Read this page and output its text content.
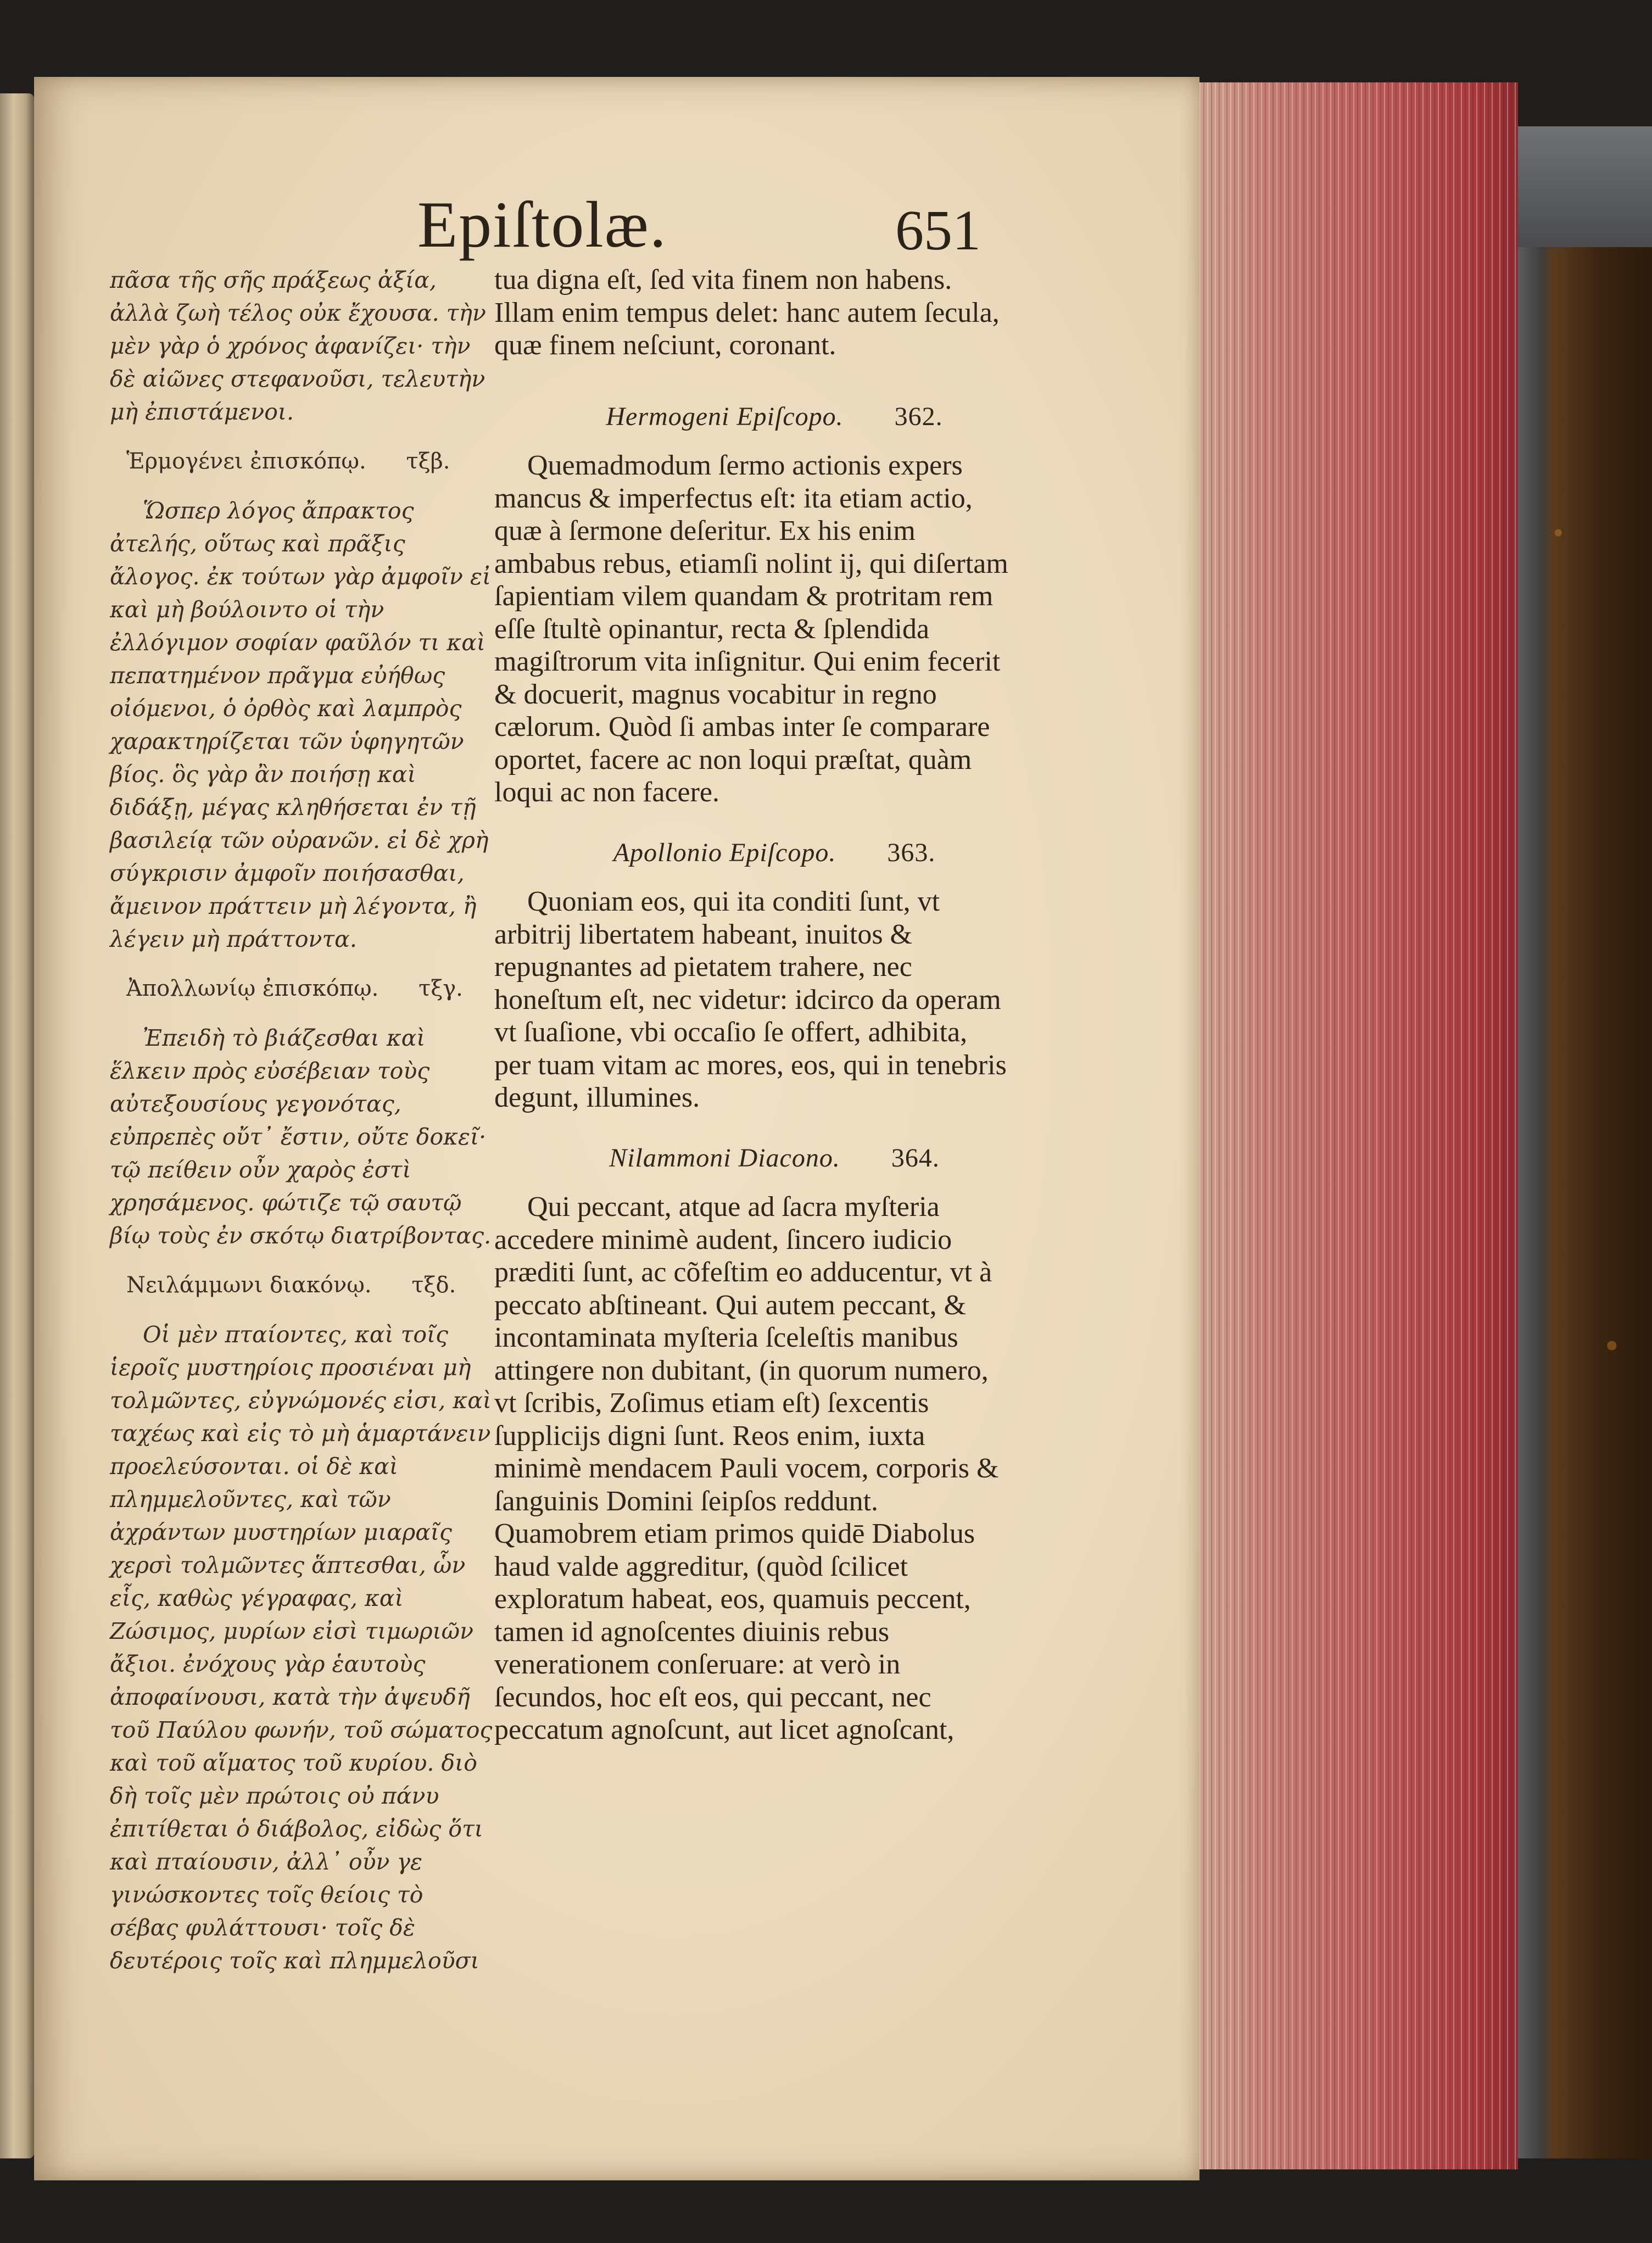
Epiſtolæ.	651

πᾶσα τῆς σῆς πράξεως ἀξία, ἀλλὰ ζωὴ τέλος οὐκ ἔχουσα. τὴν μὲν γὰρ ὁ χρόνος ἀφανίζει· τὴν δὲ αἰῶνες στεφανοῦσι, τελευτὴν μὴ ἐπιστάμενοι.

Ἑρμογένει ἐπισκόπῳ. τξβ.

Ὥσπερ λόγος ἄπρακτος ἀτελής, οὕτως καὶ πρᾶξις ἄλογος. ἐκ τούτων γὰρ ἀμφοῖν εἰ καὶ μὴ βούλοιντο οἱ τὴν ἐλλόγιμον σοφίαν φαῦλόν τι καὶ πεπατημένον πρᾶγμα εὐήθως οἰόμενοι, ὁ ὀρθὸς καὶ λαμπρὸς χαρακτηρίζεται τῶν ὑφηγητῶν βίος. ὃς γὰρ ἂν ποιήσῃ καὶ διδάξῃ, μέγας κληθήσεται ἐν τῇ βασιλείᾳ τῶν οὐρανῶν. εἰ δὲ χρὴ σύγκρισιν ἀμφοῖν ποιήσασθαι, ἄμεινον πράττειν μὴ λέγοντα, ἢ λέγειν μὴ πράττοντα.

Ἀπολλωνίῳ ἐπισκόπῳ. τξγ.

Ἐπειδὴ τὸ βιάζεσθαι καὶ ἕλκειν πρὸς εὐσέβειαν τοὺς αὐτεξουσίους γεγονότας, εὐπρεπὲς οὔτ᾽ ἔστιν, οὔτε δοκεῖ· τῷ πείθειν οὖν χαρὸς ἐστὶ χρησάμενος. φώτιζε τῷ σαυτῷ βίῳ τοὺς ἐν σκότῳ διατρίβοντας.

Νειλάμμωνι διακόνῳ. τξδ.

Οἱ μὲν πταίοντες, καὶ τοῖς ἱεροῖς μυστηρίοις προσιέναι μὴ τολμῶντες, εὐγνώμονές εἰσι, καὶ ταχέως καὶ εἰς τὸ μὴ ἁμαρτάνειν προελεύσονται. οἱ δὲ καὶ πλημμελοῦντες, καὶ τῶν ἀχράντων μυστηρίων μιαραῖς χερσὶ τολμῶντες ἅπτεσθαι, ὧν εἷς, καθὼς γέγραφας, καὶ Ζώσιμος, μυρίων εἰσὶ τιμωριῶν ἄξιοι. ἐνόχους γὰρ ἑαυτοὺς ἀποφαίνουσι, κατὰ τὴν ἀψευδῆ τοῦ Παύλου φωνήν, τοῦ σώματος καὶ τοῦ αἵματος τοῦ κυρίου. διὸ δὴ τοῖς μὲν πρώτοις οὐ πάνυ ἐπιτίθεται ὁ διάβολος, εἰδὼς ὅτι καὶ πταίουσιν, ἀλλ᾽ οὖν γε γινώσκοντες τοῖς θείοις τὸ σέβας φυλάττουσι· τοῖς δὲ δευτέροις τοῖς καὶ πλημμελοῦσι

tua digna eſt, ſed vita finem non habens. Illam enim tempus delet: hanc autem ſecula, quæ finem neſciunt, coronant.

Hermogeni Epiſcopo. 362.

Quemadmodum ſermo actionis expers mancus & imperfectus eſt: ita etiam actio, quæ à ſermone deſeritur. Ex his enim ambabus rebus, etiamſi nolint ij, qui diſertam ſapientiam vilem quandam & protritam rem eſſe ſtultè opinantur, recta & ſplendida magiſtrorum vita inſignitur. Qui enim fecerit & docuerit, magnus vocabitur in regno cælorum. Quòd ſi ambas inter ſe comparare oportet, facere ac non loqui præſtat, quàm loqui ac non facere.

Apollonio Epiſcopo. 363.

Quoniam eos, qui ita conditi ſunt, vt arbitrij libertatem habeant, inuitos & repugnantes ad pietatem trahere, nec honeſtum eſt, nec videtur: idcirco da operam vt ſuaſione, vbi occaſio ſe offert, adhibita, per tuam vitam ac mores, eos, qui in tenebris degunt, illumines.

Nilammoni Diacono. 364.

Qui peccant, atque ad ſacra myſteria accedere minimè audent, ſincero iudicio præditi ſunt, ac cõfeſtim eo adducentur, vt à peccato abſtineant. Qui autem peccant, & incontaminata myſteria ſceleſtis manibus attingere non dubitant, (in quorum numero, vt ſcribis, Zoſimus etiam eſt) ſexcentis ſupplicijs digni ſunt. Reos enim, iuxta minimè mendacem Pauli vocem, corporis & ſanguinis Domini ſeipſos reddunt. Quamobrem etiam primos quidē Diabolus haud valde aggreditur, (quòd ſcilicet exploratum habeat, eos, quamuis peccent, tamen id agnoſcentes diuinis rebus venerationem conſeruare: at verò in ſecundos, hoc eſt eos, qui peccant, nec peccatum agnoſcunt, aut licet agnoſcant,
